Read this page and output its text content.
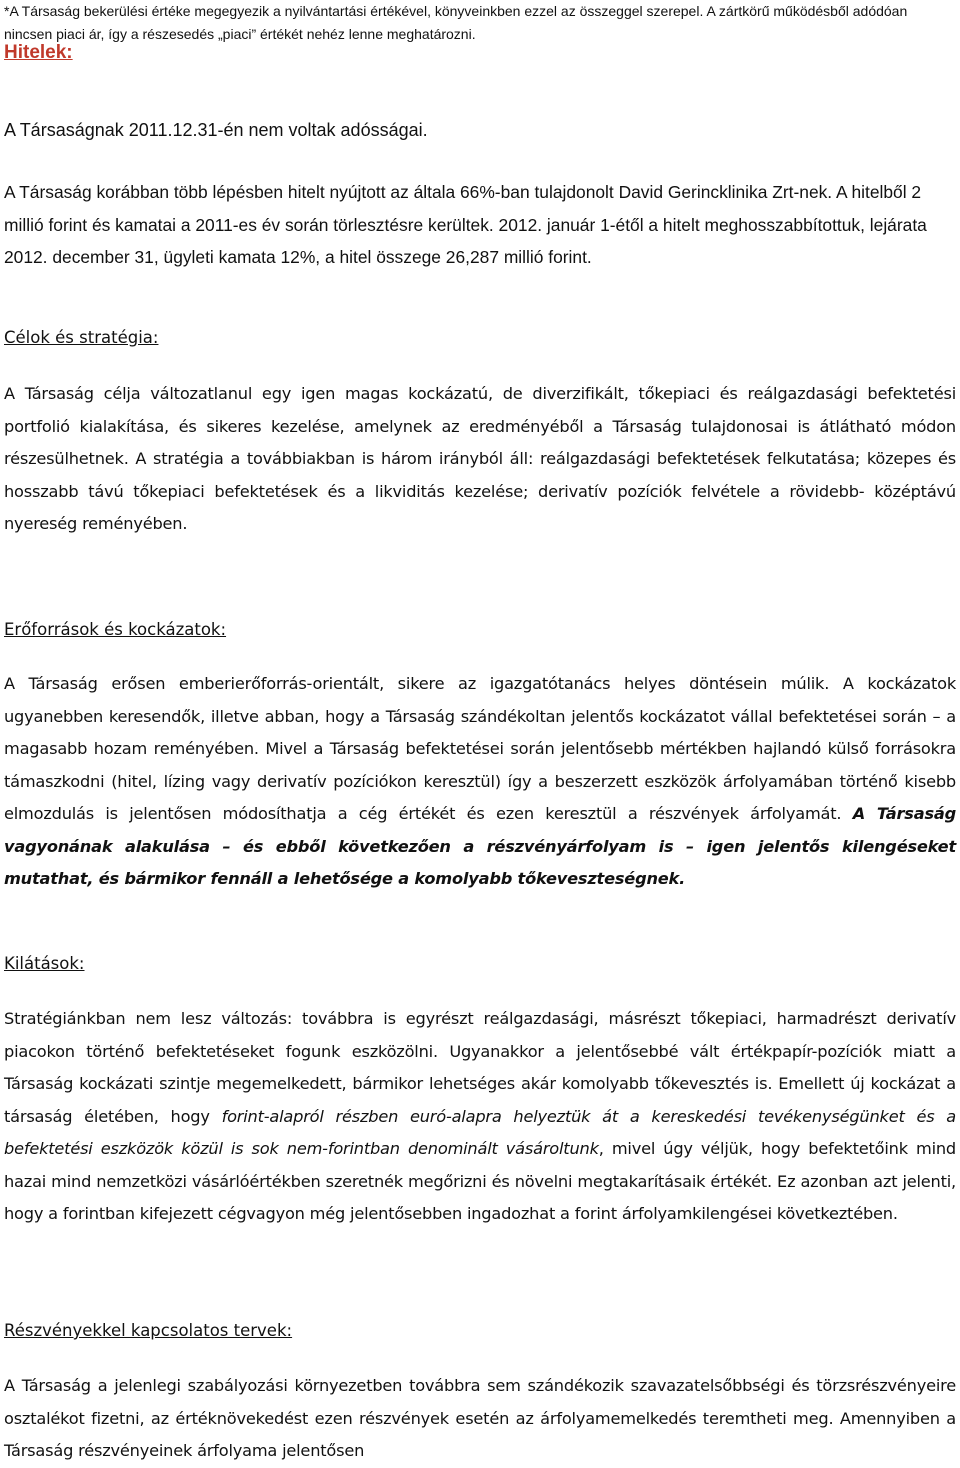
*A Társaság bekerülési értéke megegyezik a nyilvántartási értékével, könyveinkben ezzel az összeggel szerepel. A zártkörű működésből adódóan nincsen piaci ár, így a részesedés „piaci” értékét nehéz lenne meghatározni.
Hitelek:
A Társaságnak 2011.12.31-én nem voltak adósságai.
A Társaság korábban több lépésben hitelt nyújtott az általa 66%-ban tulajdonolt David Gerincklinika Zrt-nek. A hitelből 2 millió forint és kamatai a 2011-es év során törlesztésre kerültek. 2012. január 1-étől a hitelt meghosszabbítottuk, lejárata 2012. december 31, ügyleti kamata 12%, a hitel összege 26,287 millió forint.
Célok és stratégia:
A Társaság célja változatlanul egy igen magas kockázatú, de diverzifikált, tőkepiaci és reálgazdasági befektetési portfolió kialakítása, és sikeres kezelése, amelynek az eredményéből a Társaság tulajdonosai is átlátható módon részesülhetnek. A stratégia a továbbiakban is három irányból áll: reálgazdasági befektetések felkutatása; közepes és hosszabb távú tőkepiaci befektetések és a likviditás kezelése; derivatív pozíciók felvétele a rövidebb- középtávú nyereség reményében.
Erőforrások és kockázatok:
A Társaság erősen emberierőforrás-orientált, sikere az igazgatótanács helyes döntésein múlik. A kockázatok ugyanebben keresendők, illetve abban, hogy a Társaság szándékoltan jelentős kockázatot vállal befektetései során – a magasabb hozam reményében. Mivel a Társaság befektetései során jelentősebb mértékben hajlandó külső forrásokra támaszkodni (hitel, lízing vagy derivatív pozíciókon keresztül) így a beszerzett eszközök árfolyamában történő kisebb elmozdulás is jelentősen módosíthatja a cég értékét és ezen keresztül a részvények árfolyamát. A Társaság vagyonának alakulása – és ebből következően a részvényárfolyam is – igen jelentős kilengéseket mutathat, és bármikor fennáll a lehetősége a komolyabb tőkeveszteségnek.
Kilátások:
Stratégiánkban nem lesz változás: továbbra is egyrészt reálgazdasági, másrészt tőkepiaci, harmadrészt derivatív piacokon történő befektetéseket fogunk eszközölni. Ugyanakkor a jelentősebbé vált értékpapír-pozíciók miatt a Társaság kockázati szintje megemelkedett, bármikor lehetséges akár komolyabb tőkevesztés is. Emellett új kockázat a társaság életében, hogy forint-alapról részben euró-alapra helyeztük át a kereskedési tevékenységünket és a befektetési eszközök közül is sok nem-forintban denominált vásároltunk, mivel úgy véljük, hogy befektetőink mind hazai mind nemzetközi vásárlóértékben szeretnék megőrizni és növelni megtakarításaik értékét. Ez azonban azt jelenti, hogy a forintban kifejezett cégvagyon még jelentősebben ingadozhat a forint árfolyamkilengései következtében.
Részvényekkel kapcsolatos tervek:
A Társaság a jelenlegi szabályozási környezetben továbbra sem szándékozik szavazatelsőbbségi és törzsrészvényeire osztalékot fizetni, az értéknövekedést ezen részvények esetén az árfolyamemelkedés teremtheti meg. Amennyiben a Társaság részvényeinek árfolyama jelentősen
